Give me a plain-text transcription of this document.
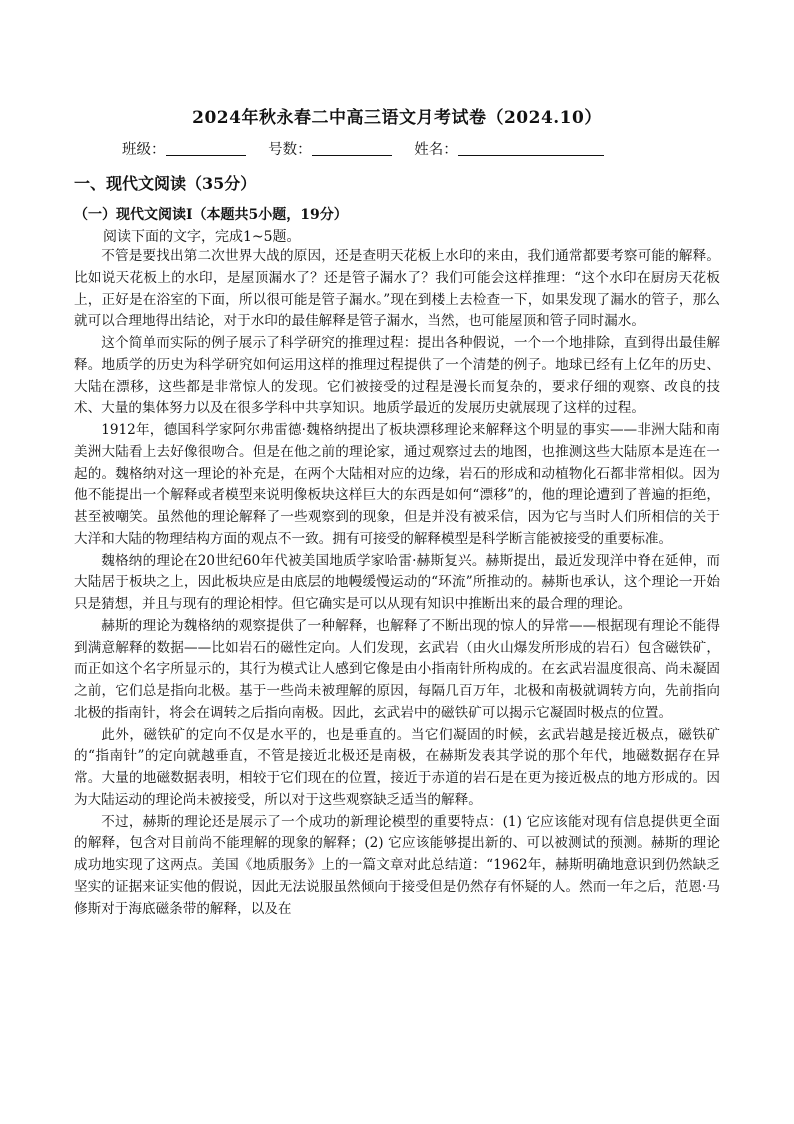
2024年秋永春二中高三语文月考试卷（2024.10）
班级：	号数：	姓名：
一、现代文阅读（35分）
（一）现代文阅读Ⅰ（本题共5小题，19分）
阅读下面的文字，完成1~5题。

不管是要找出第二次世界大战的原因，还是查明天花板上水印的来由，我们通常都要考察可能的解释。比如说天花板上的水印，是屋顶漏水了？还是管子漏水了？我们可能会这样推理：“这个水印在厨房天花板上，正好是在浴室的下面，所以很可能是管子漏水。”现在到楼上去检查一下，如果发现了漏水的管子，那么就可以合理地得出结论，对于水印的最佳解释是管子漏水，当然，也可能屋顶和管子同时漏水。

这个简单而实际的例子展示了科学研究的推理过程：提出各种假说，一个一个地排除，直到得出最佳解释。地质学的历史为科学研究如何运用这样的推理过程提供了一个清楚的例子。地球已经有上亿年的历史、大陆在漂移，这些都是非常惊人的发现。它们被接受的过程是漫长而复杂的，要求仔细的观察、改良的技术、大量的集体努力以及在很多学科中共享知识。地质学最近的发展历史就展现了这样的过程。

1912年，德国科学家阿尔弗雷德·魏格纳提出了板块漂移理论来解释这个明显的事实——非洲大陆和南美洲大陆看上去好像很吻合。但是在他之前的理论家，通过观察过去的地图，也推测这些大陆原本是连在一起的。魏格纳对这一理论的补充是，在两个大陆相对应的边缘，岩石的形成和动植物化石都非常相似。因为他不能提出一个解释或者模型来说明像板块这样巨大的东西是如何“漂移”的，他的理论遭到了普遍的拒绝，甚至被嘲笑。虽然他的理论解释了一些观察到的现象，但是并没有被采信，因为它与当时人们所相信的关于大洋和大陆的物理结构方面的观点不一致。拥有可接受的解释模型是科学断言能被接受的重要标准。

魏格纳的理论在20世纪60年代被美国地质学家哈雷·赫斯复兴。赫斯提出，最近发现洋中脊在延伸，而大陆居于板块之上，因此板块应是由底层的地幔缓慢运动的“环流”所推动的。赫斯也承认，这个理论一开始只是猜想，并且与现有的理论相悖。但它确实是可以从现有知识中推断出来的最合理的理论。

赫斯的理论为魏格纳的观察提供了一种解释，也解释了不断出现的惊人的异常——根据现有理论不能得到满意解释的数据——比如岩石的磁性定向。人们发现，玄武岩（由火山爆发所形成的岩石）包含磁铁矿，而正如这个名字所显示的，其行为模式让人感到它像是由小指南针所构成的。在玄武岩温度很高、尚未凝固之前，它们总是指向北极。基于一些尚未被理解的原因，每隔几百万年，北极和南极就调转方向，先前指向北极的指南针，将会在调转之后指向南极。因此，玄武岩中的磁铁矿可以揭示它凝固时极点的位置。

此外，磁铁矿的定向不仅是水平的，也是垂直的。当它们凝固的时候，玄武岩越是接近极点，磁铁矿的“指南针”的定向就越垂直，不管是接近北极还是南极，在赫斯发表其学说的那个年代，地磁数据存在异常。大量的地磁数据表明，相较于它们现在的位置，接近于赤道的岩石是在更为接近极点的地方形成的。因为大陆运动的理论尚未被接受，所以对于这些观察缺乏适当的解释。

不过，赫斯的理论还是展示了一个成功的新理论模型的重要特点：(1) 它应该能对现有信息提供更全面的解释，包含对目前尚不能理解的现象的解释；(2) 它应该能够提出新的、可以被测试的预测。赫斯的理论成功地实现了这两点。美国《地质服务》上的一篇文章对此总结道：“1962年，赫斯明确地意识到仍然缺乏坚实的证据来证实他的假说，因此无法说服虽然倾向于接受但是仍然存有怀疑的人。然而一年之后，范恩·马修斯对于海底磁条带的解释，以及在
